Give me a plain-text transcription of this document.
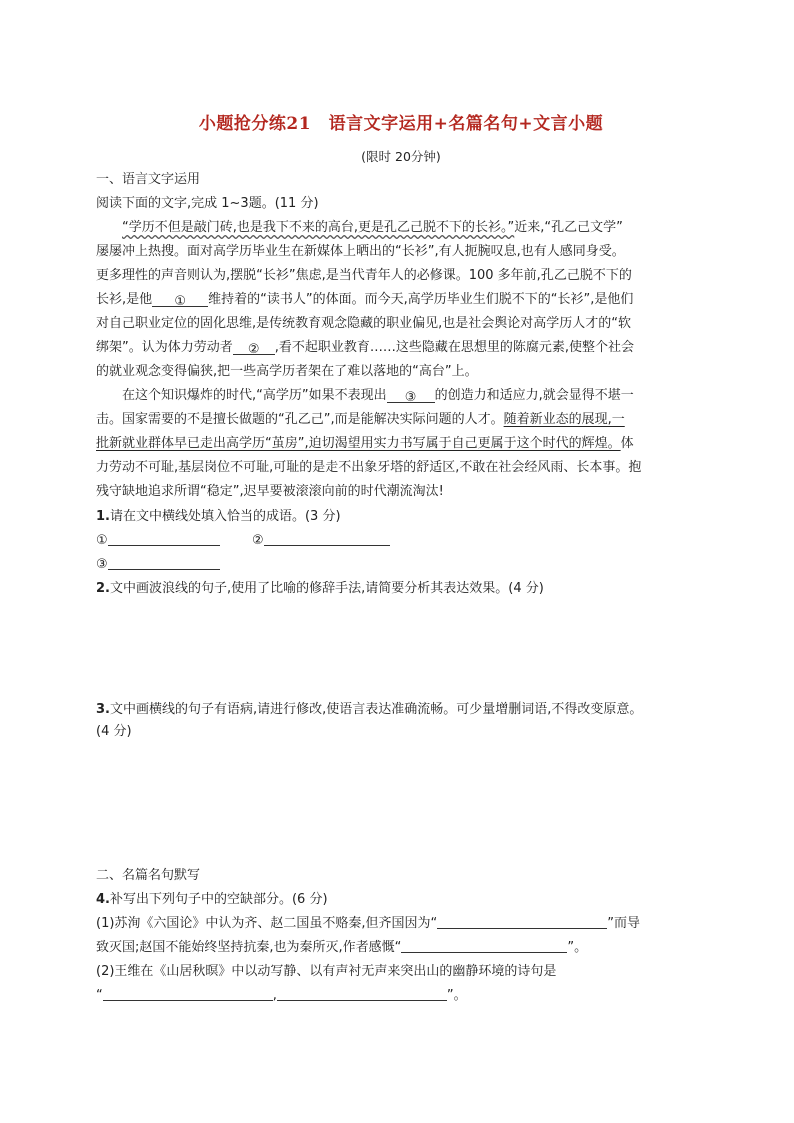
小题抢分练21　语言文字运用+名篇名句+文言小题
(限时 20分钟)
一、语言文字运用
阅读下面的文字,完成 1~3题。(11 分)
“学历不但是敲门砖,也是我下不来的高台,更是孔乙己脱不下的长衫。”近来,“孔乙己文学”
屡屡冲上热搜。面对高学历毕业生在新媒体上晒出的“长衫”,有人扼腕叹息,也有人感同身受。
更多理性的声音则认为,摆脱“长衫”焦虑,是当代青年人的必修课。100 多年前,孔乙己脱不下的
长衫,是他 ① 维持着的“读书人”的体面。而今天,高学历毕业生们脱不下的“长衫”,是他们
对自己职业定位的固化思维,是传统教育观念隐藏的职业偏见,也是社会舆论对高学历人才的“软
绑架”。认为体力劳动者 ② ,看不起职业教育……这些隐藏在思想里的陈腐元素,使整个社会
的就业观念变得偏狭,把一些高学历者架在了难以落地的“高台”上。
在这个知识爆炸的时代,“高学历”如果不表现出 ③ 的创造力和适应力,就会显得不堪一
击。国家需要的不是擅长做题的“孔乙己”,而是能解决实际问题的人才。随着新业态的展现,一
批新就业群体早已走出高学历“茧房”,迫切渴望用实力书写属于自己更属于这个时代的辉煌。体
力劳动不可耻,基层岗位不可耻,可耻的是走不出象牙塔的舒适区,不敢在社会经风雨、长本事。抱
残守缺地追求所谓“稳定”,迟早要被滚滚向前的时代潮流淘汰!
1.请在文中横线处填入恰当的成语。(3 分)
①	②
③
2.文中画波浪线的句子,使用了比喻的修辞手法,请简要分析其表达效果。(4 分)
3.文中画横线的句子有语病,请进行修改,使语言表达准确流畅。可少量增删词语,不得改变原意。
(4 分)
二、名篇名句默写
4.补写出下列句子中的空缺部分。(6 分)
(1)苏洵《六国论》中认为齐、赵二国虽不赂秦,但齐国因为“	”而导
致灭国;赵国不能始终坚持抗秦,也为秦所灭,作者感慨“	”。
(2)王维在《山居秋暝》中以动写静、以有声衬无声来突出山的幽静环境的诗句是
“	,	”。
